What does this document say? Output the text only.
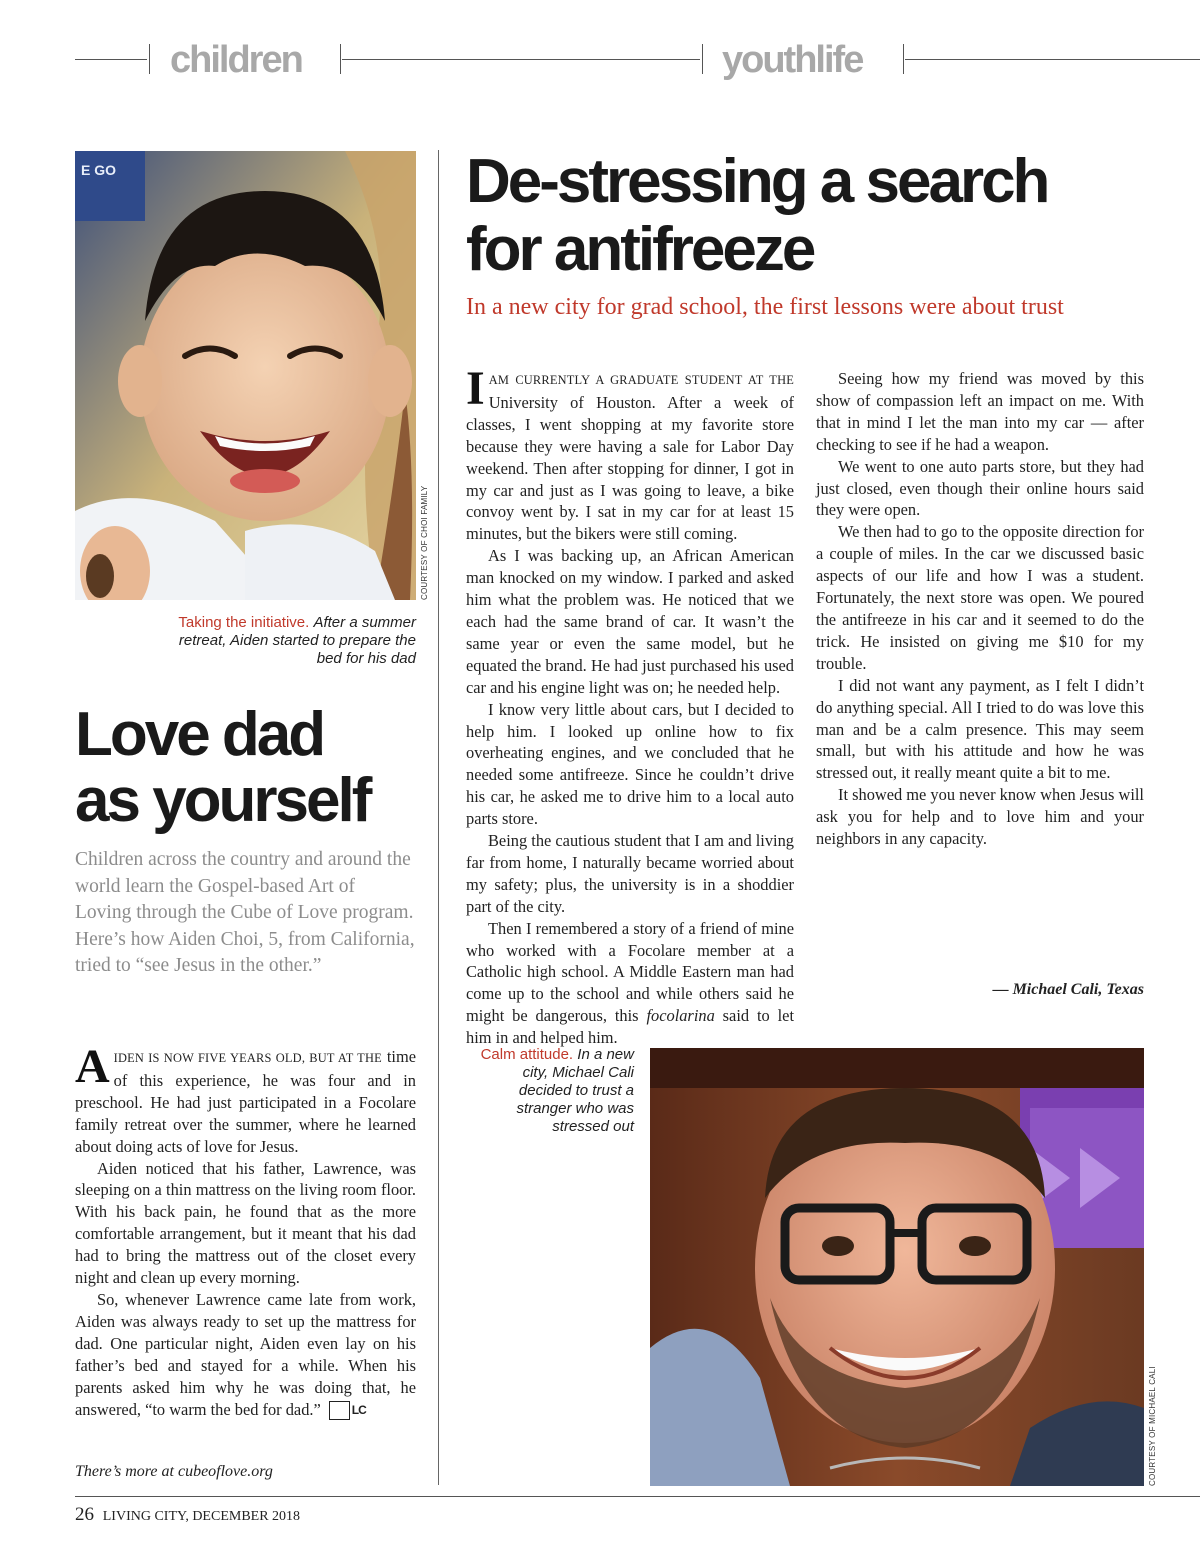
children	youthlife
E GO
COURTESY OF CHOI FAMILY
Taking the initiative. After a summer retreat, Aiden started to prepare the bed for his dad
Love dad
as yourself
Children across the country and around the world learn the Gospel-based Art of Loving through the Cube of Love program. Here’s how Aiden Choi, 5, from California, tried to “see Jesus in the other.”

AIDEN IS NOW FIVE YEARS OLD, BUT AT THE time of this experience, he was four and in preschool. He had just participated in a Focolare family retreat over the summer, where he learned about doing acts of love for Jesus.

Aiden noticed that his father, Lawrence, was sleeping on a thin mattress on the living room floor. With his back pain, he found that as the more comfortable arrangement, but it meant that his dad had to bring the mattress out of the closet every night and clean up every morning.

So, whenever Lawrence came late from work, Aiden was always ready to set up the mattress for dad. One particular night, Aiden even lay on his father’s bed and stayed for a while. When his parents asked him why he was doing that, he answered, “to warm the bed for dad.”	LC

There’s more at cubeoflove.org
De-stressing a search
for antifreeze
In a new city for grad school, the first lessons were about trust

IAM CURRENTLY A GRADUATE STUDENT AT THE University of Houston. After a week of classes, I went shopping at my favorite store because they were having a sale for Labor Day weekend. Then after stopping for dinner, I got in my car and just as I was going to leave, a bike convoy went by. I sat in my car for at least 15 minutes, but the bikers were still coming.

As I was backing up, an African American man knocked on my window. I parked and asked him what the problem was. He noticed that we each had the same brand of car. It wasn’t the same year or even the same model, but he equated the brand. He had just purchased his used car and his engine light was on; he needed help.

I know very little about cars, but I decided to help him. I looked up online how to fix overheating engines, and we concluded that he needed some antifreeze. Since he couldn’t drive his car, he asked me to drive him to a local auto parts store.

Being the cautious student that I am and living far from home, I naturally became worried about my safety; plus, the university is in a shoddier part of the city.

Then I remembered a story of a friend of mine who worked with a Focolare member at a Catholic high school. A Middle Eastern man had come up to the school and while others said he might be dangerous, this focolarina said to let him in and helped him.

Seeing how my friend was moved by this show of compassion left an impact on me. With that in mind I let the man into my car — after checking to see if he had a weapon.

We went to one auto parts store, but they had just closed, even though their online hours said they were open.

We then had to go to the opposite direction for a couple of miles. In the car we discussed basic aspects of our life and how I was a student. Fortunately, the next store was open. We poured the antifreeze in his car and it seemed to do the trick. He insisted on giving me $10 for my trouble.

I did not want any payment, as I felt I didn’t do anything special. All I tried to do was love this man and be a calm presence. This may seem small, but with his attitude and how he was stressed out, it really meant quite a bit to me.

It showed me you never know when Jesus will ask you for help and to love him and your neighbors in any capacity.

— Michael Cali, Texas
Calm attitude. In a new city, Michael Cali decided to trust a stranger who was stressed out
COURTESY OF MICHAEL CALI
26 LIVING CITY, DECEMBER 2018
